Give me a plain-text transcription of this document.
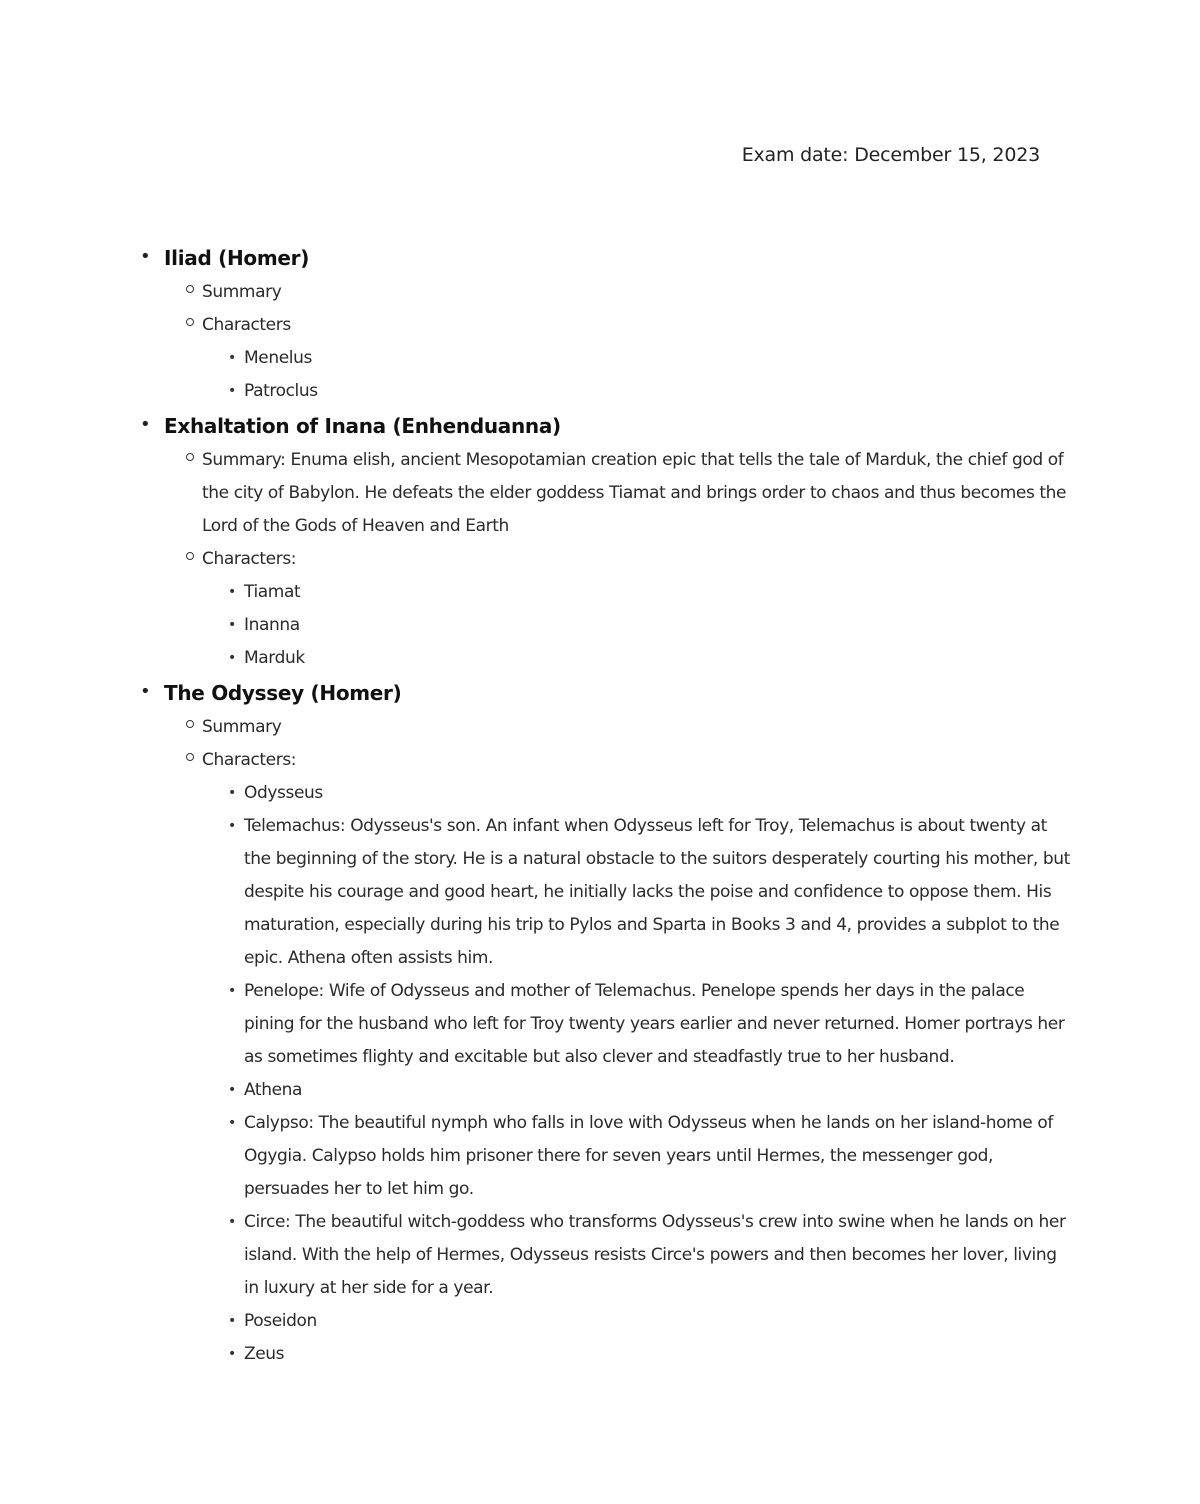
Exam date: December 15, 2023
• Iliad (Homer)
Summary
Characters
• Menelus
• Patroclus
• Exhaltation of Inana (Enhenduanna)
Summary: Enuma elish, ancient Mesopotamian creation epic that tells the tale of Marduk, the chief god of the city of Babylon. He defeats the elder goddess Tiamat and brings order to chaos and thus becomes the Lord of the Gods of Heaven and Earth
Characters:
• Tiamat
• Inanna
• Marduk
• The Odyssey (Homer)
Summary
Characters:
• Odysseus
• Telemachus: Odysseus's son. An infant when Odysseus left for Troy, Telemachus is about twenty at the beginning of the story. He is a natural obstacle to the suitors desperately courting his mother, but despite his courage and good heart, he initially lacks the poise and confidence to oppose them. His maturation, especially during his trip to Pylos and Sparta in Books 3 and 4, provides a subplot to the epic. Athena often assists him.
• Penelope: Wife of Odysseus and mother of Telemachus. Penelope spends her days in the palace pining for the husband who left for Troy twenty years earlier and never returned. Homer portrays her as sometimes flighty and excitable but also clever and steadfastly true to her husband.
• Athena
• Calypso: The beautiful nymph who falls in love with Odysseus when he lands on her island-home of Ogygia. Calypso holds him prisoner there for seven years until Hermes, the messenger god, persuades her to let him go.
• Circe: The beautiful witch-goddess who transforms Odysseus's crew into swine when he lands on her island. With the help of Hermes, Odysseus resists Circe's powers and then becomes her lover, living in luxury at her side for a year.
• Poseidon
• Zeus
